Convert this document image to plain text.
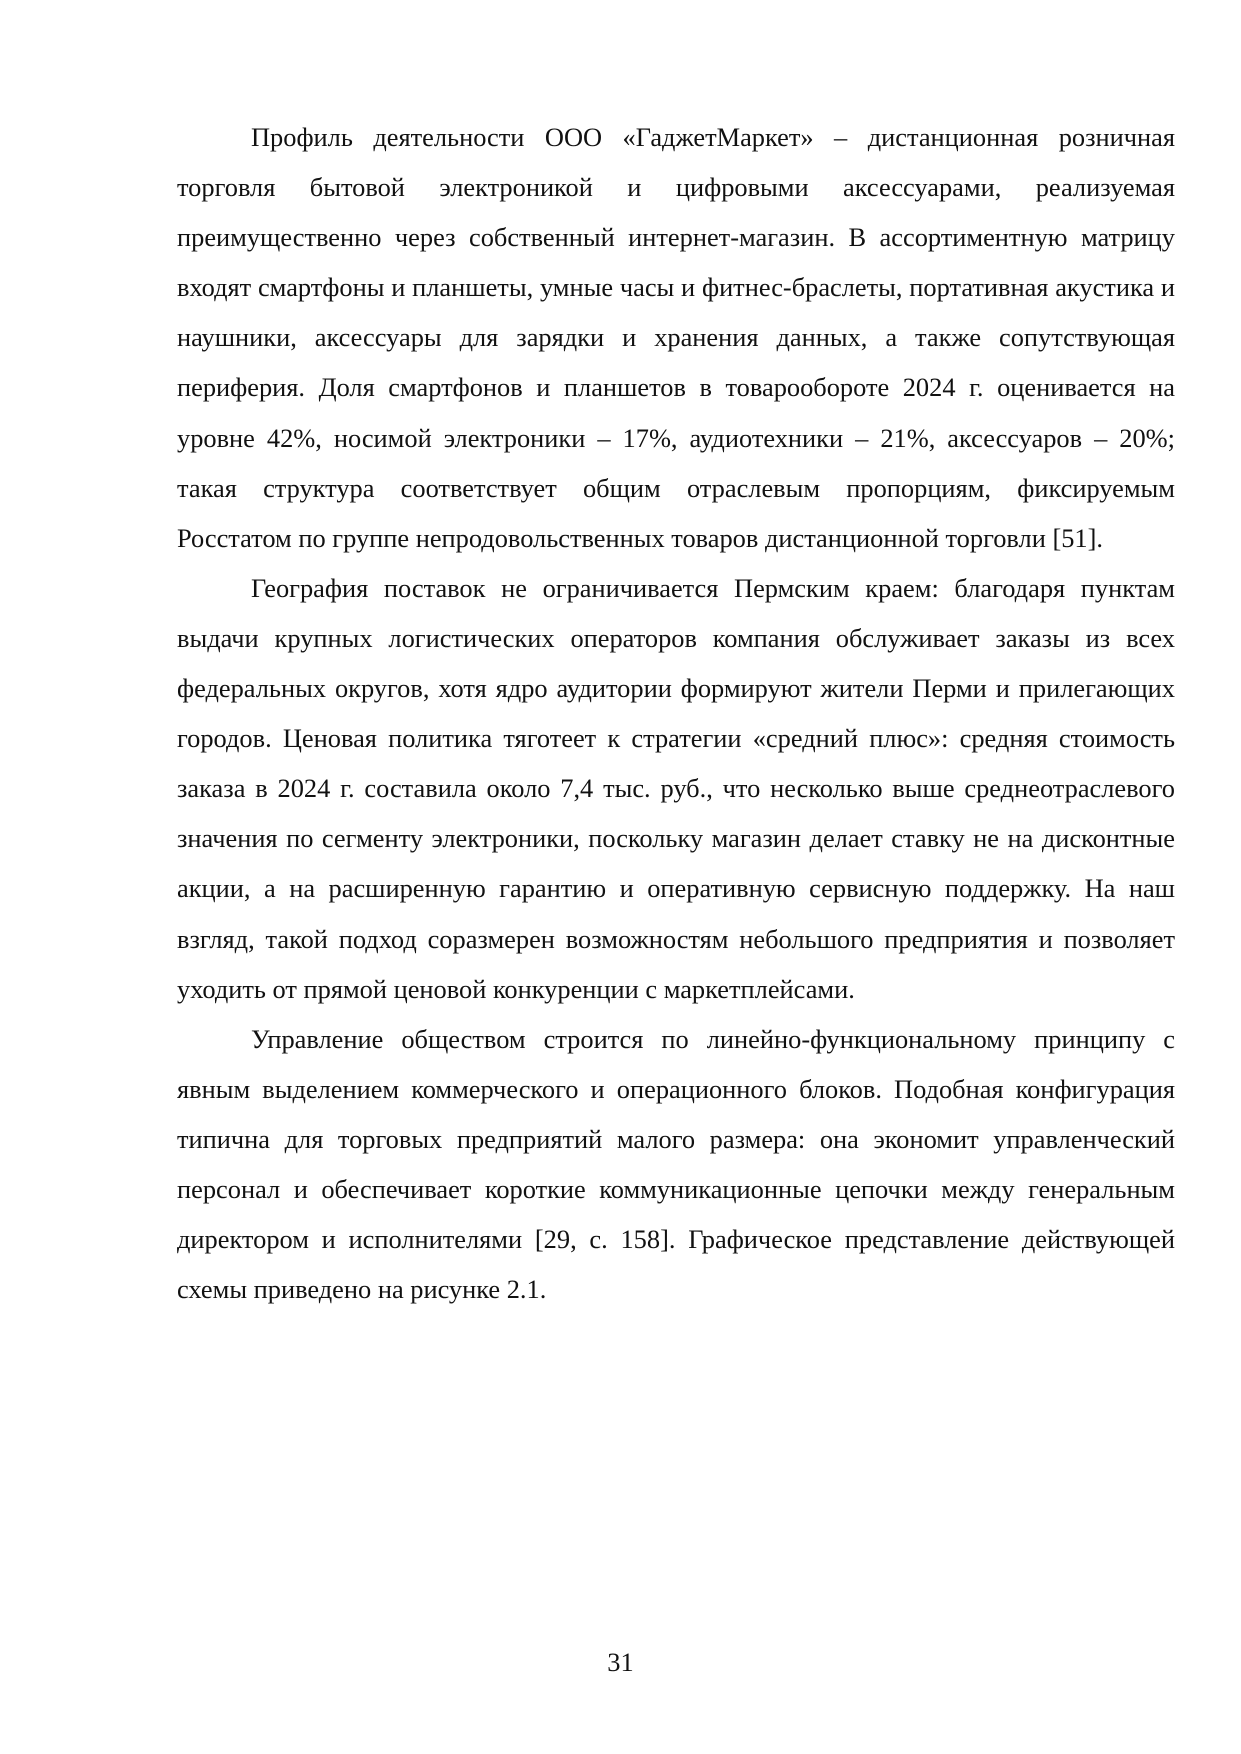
Профиль деятельности ООО «ГаджетМаркет» – дистанционная розничная торговля бытовой электроникой и цифровыми аксессуарами, реализуемая преимущественно через собственный интернет-магазин. В ассортиментную матрицу входят смартфоны и планшеты, умные часы и фитнес-браслеты, портативная акустика и наушники, аксессуары для зарядки и хранения данных, а также сопутствующая периферия. Доля смартфонов и планшетов в товарообороте 2024 г. оценивается на уровне 42%, носимой электроники – 17%, аудиотехники – 21%, аксессуаров – 20%; такая структура соответствует общим отраслевым пропорциям, фиксируемым Росстатом по группе непродовольственных товаров дистанционной торговли [51].

География поставок не ограничивается Пермским краем: благодаря пунктам выдачи крупных логистических операторов компания обслуживает заказы из всех федеральных округов, хотя ядро аудитории формируют жители Перми и прилегающих городов. Ценовая политика тяготеет к стратегии «средний плюс»: средняя стоимость заказа в 2024 г. составила около 7,4 тыс. руб., что несколько выше среднеотраслевого значения по сегменту электроники, поскольку магазин делает ставку не на дисконтные акции, а на расширенную гарантию и оперативную сервисную поддержку. На наш взгляд, такой подход соразмерен возможностям небольшого предприятия и позволяет уходить от прямой ценовой конкуренции с маркетплейсами.

Управление обществом строится по линейно-функциональному принципу с явным выделением коммерческого и операционного блоков. Подобная конфигурация типична для торговых предприятий малого размера: она экономит управленческий персонал и обеспечивает короткие коммуникационные цепочки между генеральным директором и исполнителями [29, с. 158]. Графическое представление действующей схемы приведено на рисунке 2.1.

31
